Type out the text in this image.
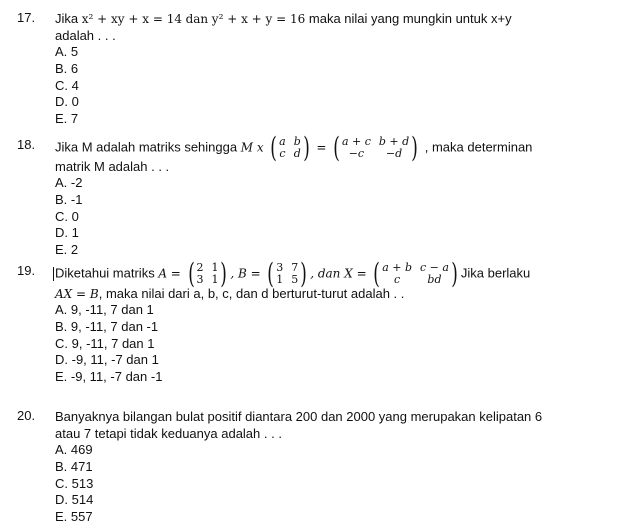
17. Jika x² + xy + x = 14 dan y² + x + y = 16 maka nilai yang mungkin untuk x+y
adalah . . .
A. 5
B. 6
C. 4
D. 0
E. 7
18. Jika M adalah matriks sehingga M x ( a b
c d ) = ( a + c b + d
−c	−d ) , maka determinan
matrik M adalah . . .
A. -2
B. -1
C. 0
D. 1
E. 2
19. Diketahui matriks A = ( 2 1
3 1 ) , B = ( 3 7
1 5 ) , dan X = ( a + b c − a
c	bd ) Jika berlaku
AX = B, maka nilai dari a, b, c, dan d berturut-turut adalah . .
A. 9, -11, 7 dan 1
B. 9, -11, 7 dan -1
C. 9, -11, 7 dan 1
D. -9, 11, -7 dan 1
E. -9, 11, -7 dan -1
20. Banyaknya bilangan bulat positif diantara 200 dan 2000 yang merupakan kelipatan 6
atau 7 tetapi tidak keduanya adalah . . .
A. 469
B. 471
C. 513
D. 514
E. 557
